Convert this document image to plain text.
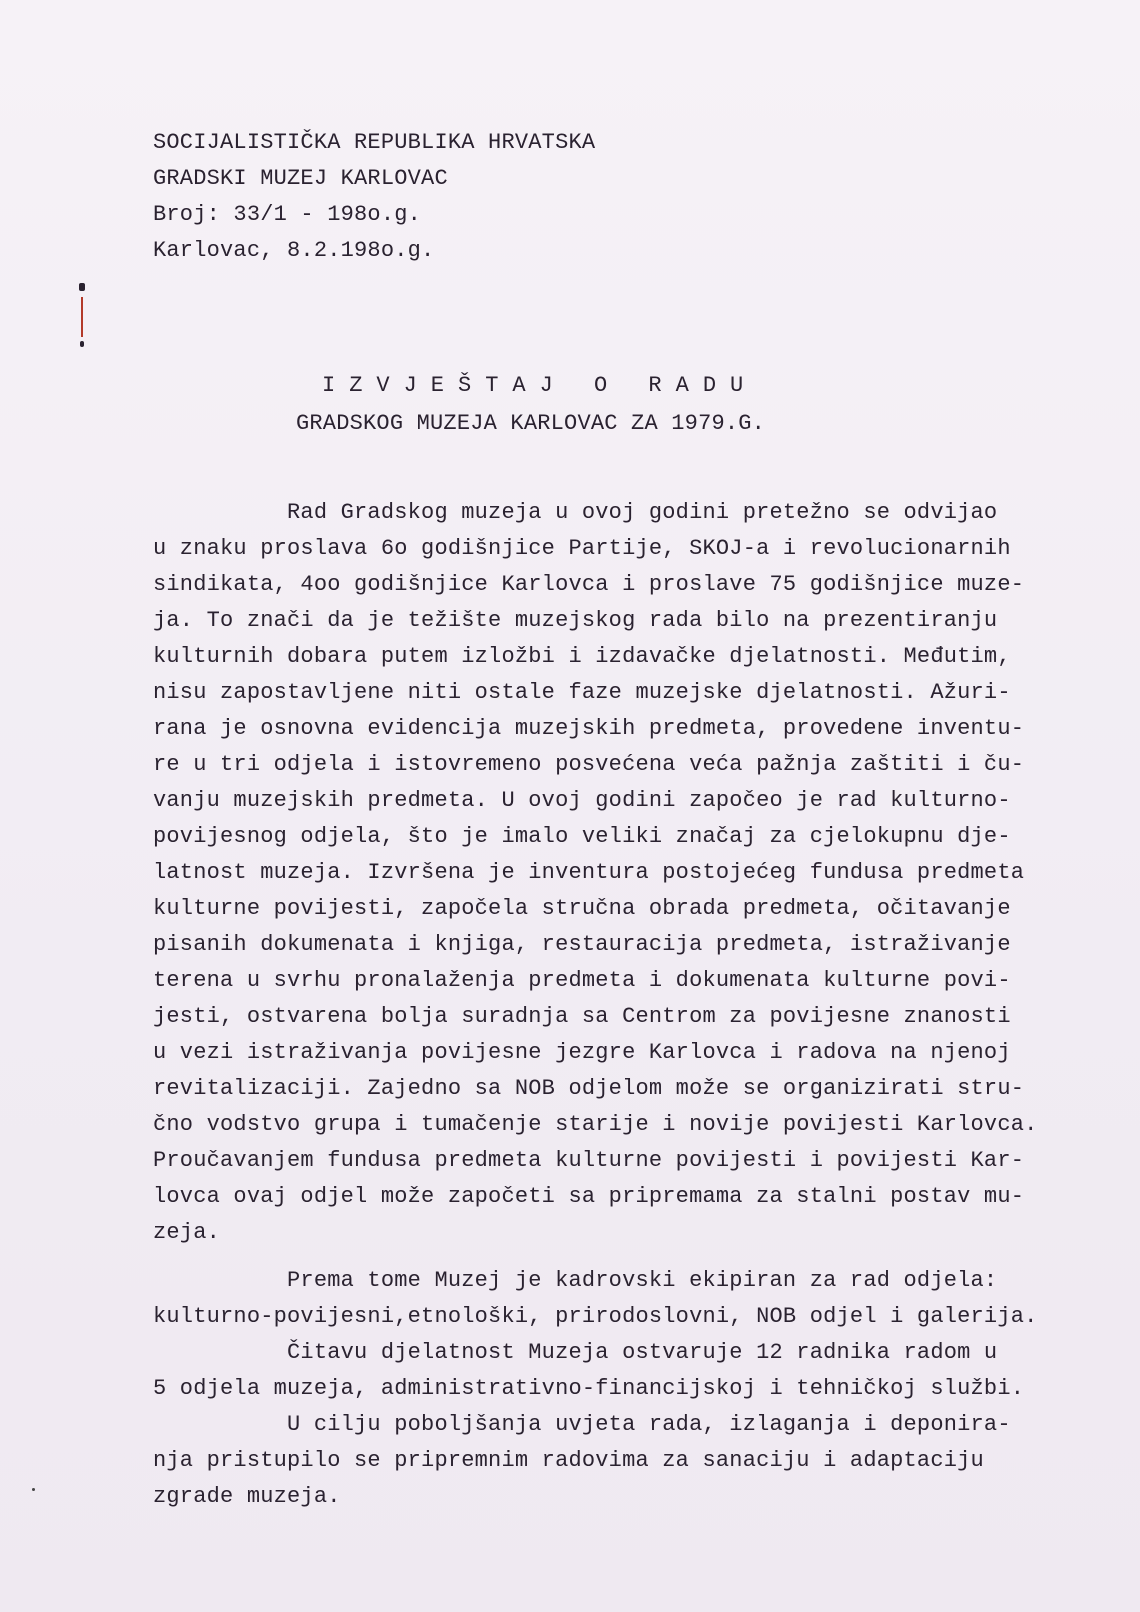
SOCIJALISTIČKA REPUBLIKA HRVATSKA
GRADSKI MUZEJ KARLOVAC
Broj: 33/1 - 198o.g.
Karlovac, 8.2.198o.g.
IZVJEŠTAJ O RADU
GRADSKOG MUZEJA KARLOVAC ZA 1979.G.
Rad Gradskog muzeja u ovoj godini pretežno se odvijao
u znaku proslava 6o godišnjice Partije, SKOJ-a i revolucionarnih
sindikata, 4oo godišnjice Karlovca i proslave 75 godišnjice muze-
ja. To znači da je težište muzejskog rada bilo na prezentiranju
kulturnih dobara putem izložbi i izdavačke djelatnosti. Međutim,
nisu zapostavljene niti ostale faze muzejske djelatnosti. Ažuri-
rana je osnovna evidencija muzejskih predmeta, provedene inventu-
re u tri odjela i istovremeno posvećena veća pažnja zaštiti i ču-
vanju muzejskih predmeta. U ovoj godini započeo je rad kulturno-
povijesnog odjela, što je imalo veliki značaj za cjelokupnu dje-
latnost muzeja. Izvršena je inventura postojećeg fundusa predmeta
kulturne povijesti, započela stručna obrada predmeta, očitavanje
pisanih dokumenata i knjiga, restauracija predmeta, istraživanje
terena u svrhu pronalaženja predmeta i dokumenata kulturne povi-
jesti, ostvarena bolja suradnja sa Centrom za povijesne znanosti
u vezi istraživanja povijesne jezgre Karlovca i radova na njenoj
revitalizaciji. Zajedno sa NOB odjelom može se organizirati stru-
čno vodstvo grupa i tumačenje starije i novije povijesti Karlovca.
Proučavanjem fundusa predmeta kulturne povijesti i povijesti Kar-
lovca ovaj odjel može započeti sa pripremama za stalni postav mu-
zeja.
Prema tome Muzej je kadrovski ekipiran za rad odjela:
kulturno-povijesni,etnološki, prirodoslovni, NOB odjel i galerija.
Čitavu djelatnost Muzeja ostvaruje 12 radnika radom u
5 odjela muzeja, administrativno-financijskoj i tehničkoj službi.
U cilju poboljšanja uvjeta rada, izlaganja i deponira-
nja pristupilo se pripremnim radovima za sanaciju i adaptaciju
zgrade muzeja.
